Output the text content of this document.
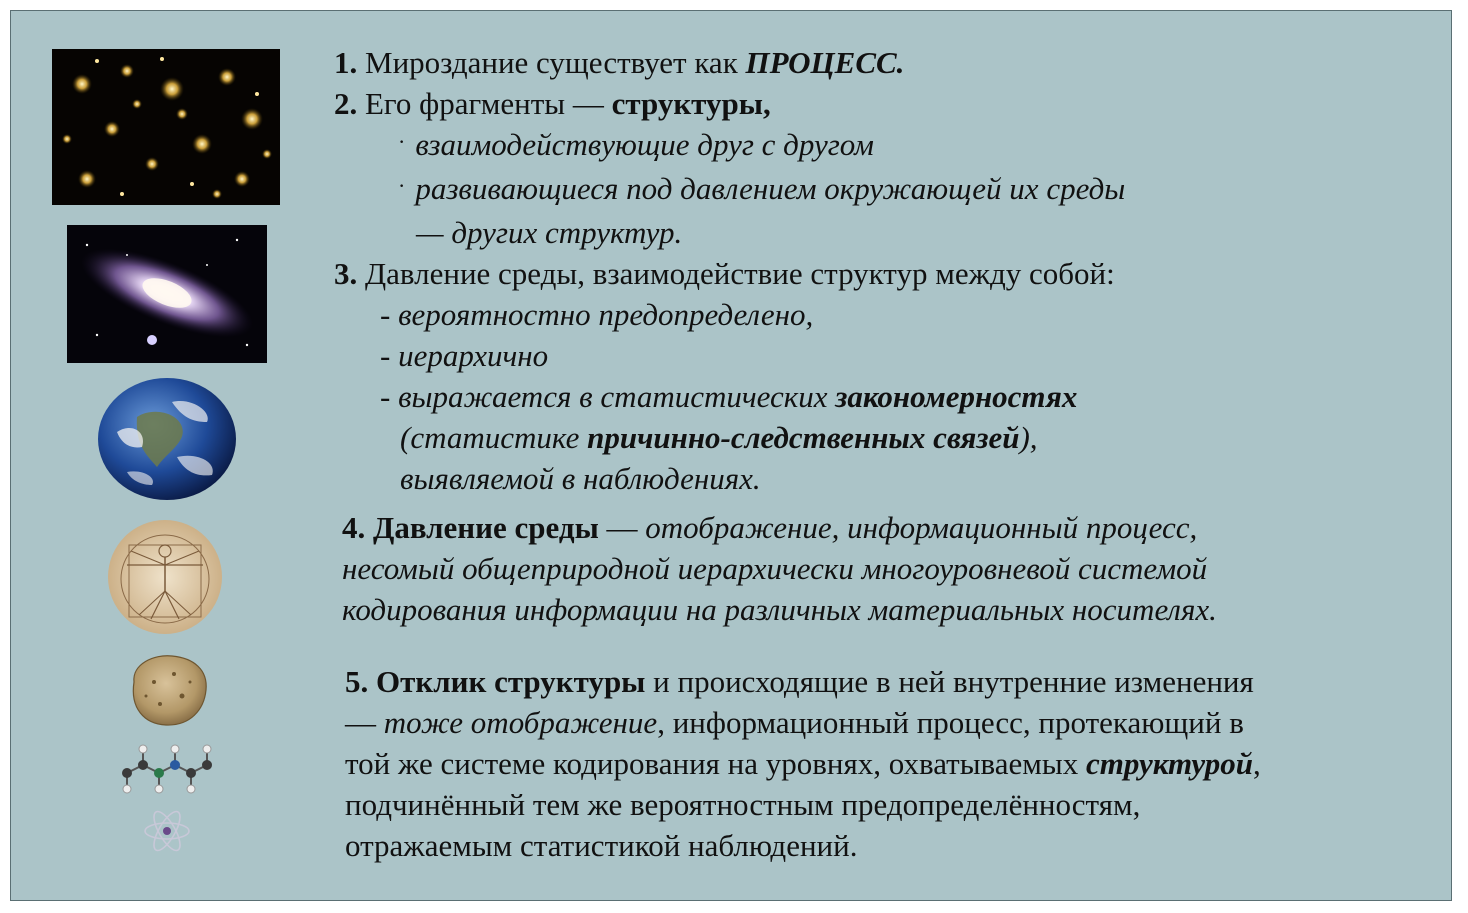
1. Мироздание существует как ПРОЦЕСС.

2. Его фрагменты — структуры,

· взаимодействующие друг с другом

· развивающиеся под давлением окружающей их среды

— других структур.

3. Давление среды, взаимодействие структур между собой:

- вероятностно предопределено,

- иерархично

- выражается в статистических закономерностях

(статистике причинно-следственных связей),

выявляемой в наблюдениях.

4. Давление среды — отображение, информационный процесс,

несомый общеприродной иерархически многоуровневой системой

кодирования информации на различных материальных носителях.

5. Отклик структуры и происходящие в ней внутренние изменения

— тоже отображение, информационный процесс, протекающий в

той же системе кодирования на уровнях, охватываемых структурой,

подчинённый тем же вероятностным предопределённостям,

отражаемым статистикой наблюдений.
